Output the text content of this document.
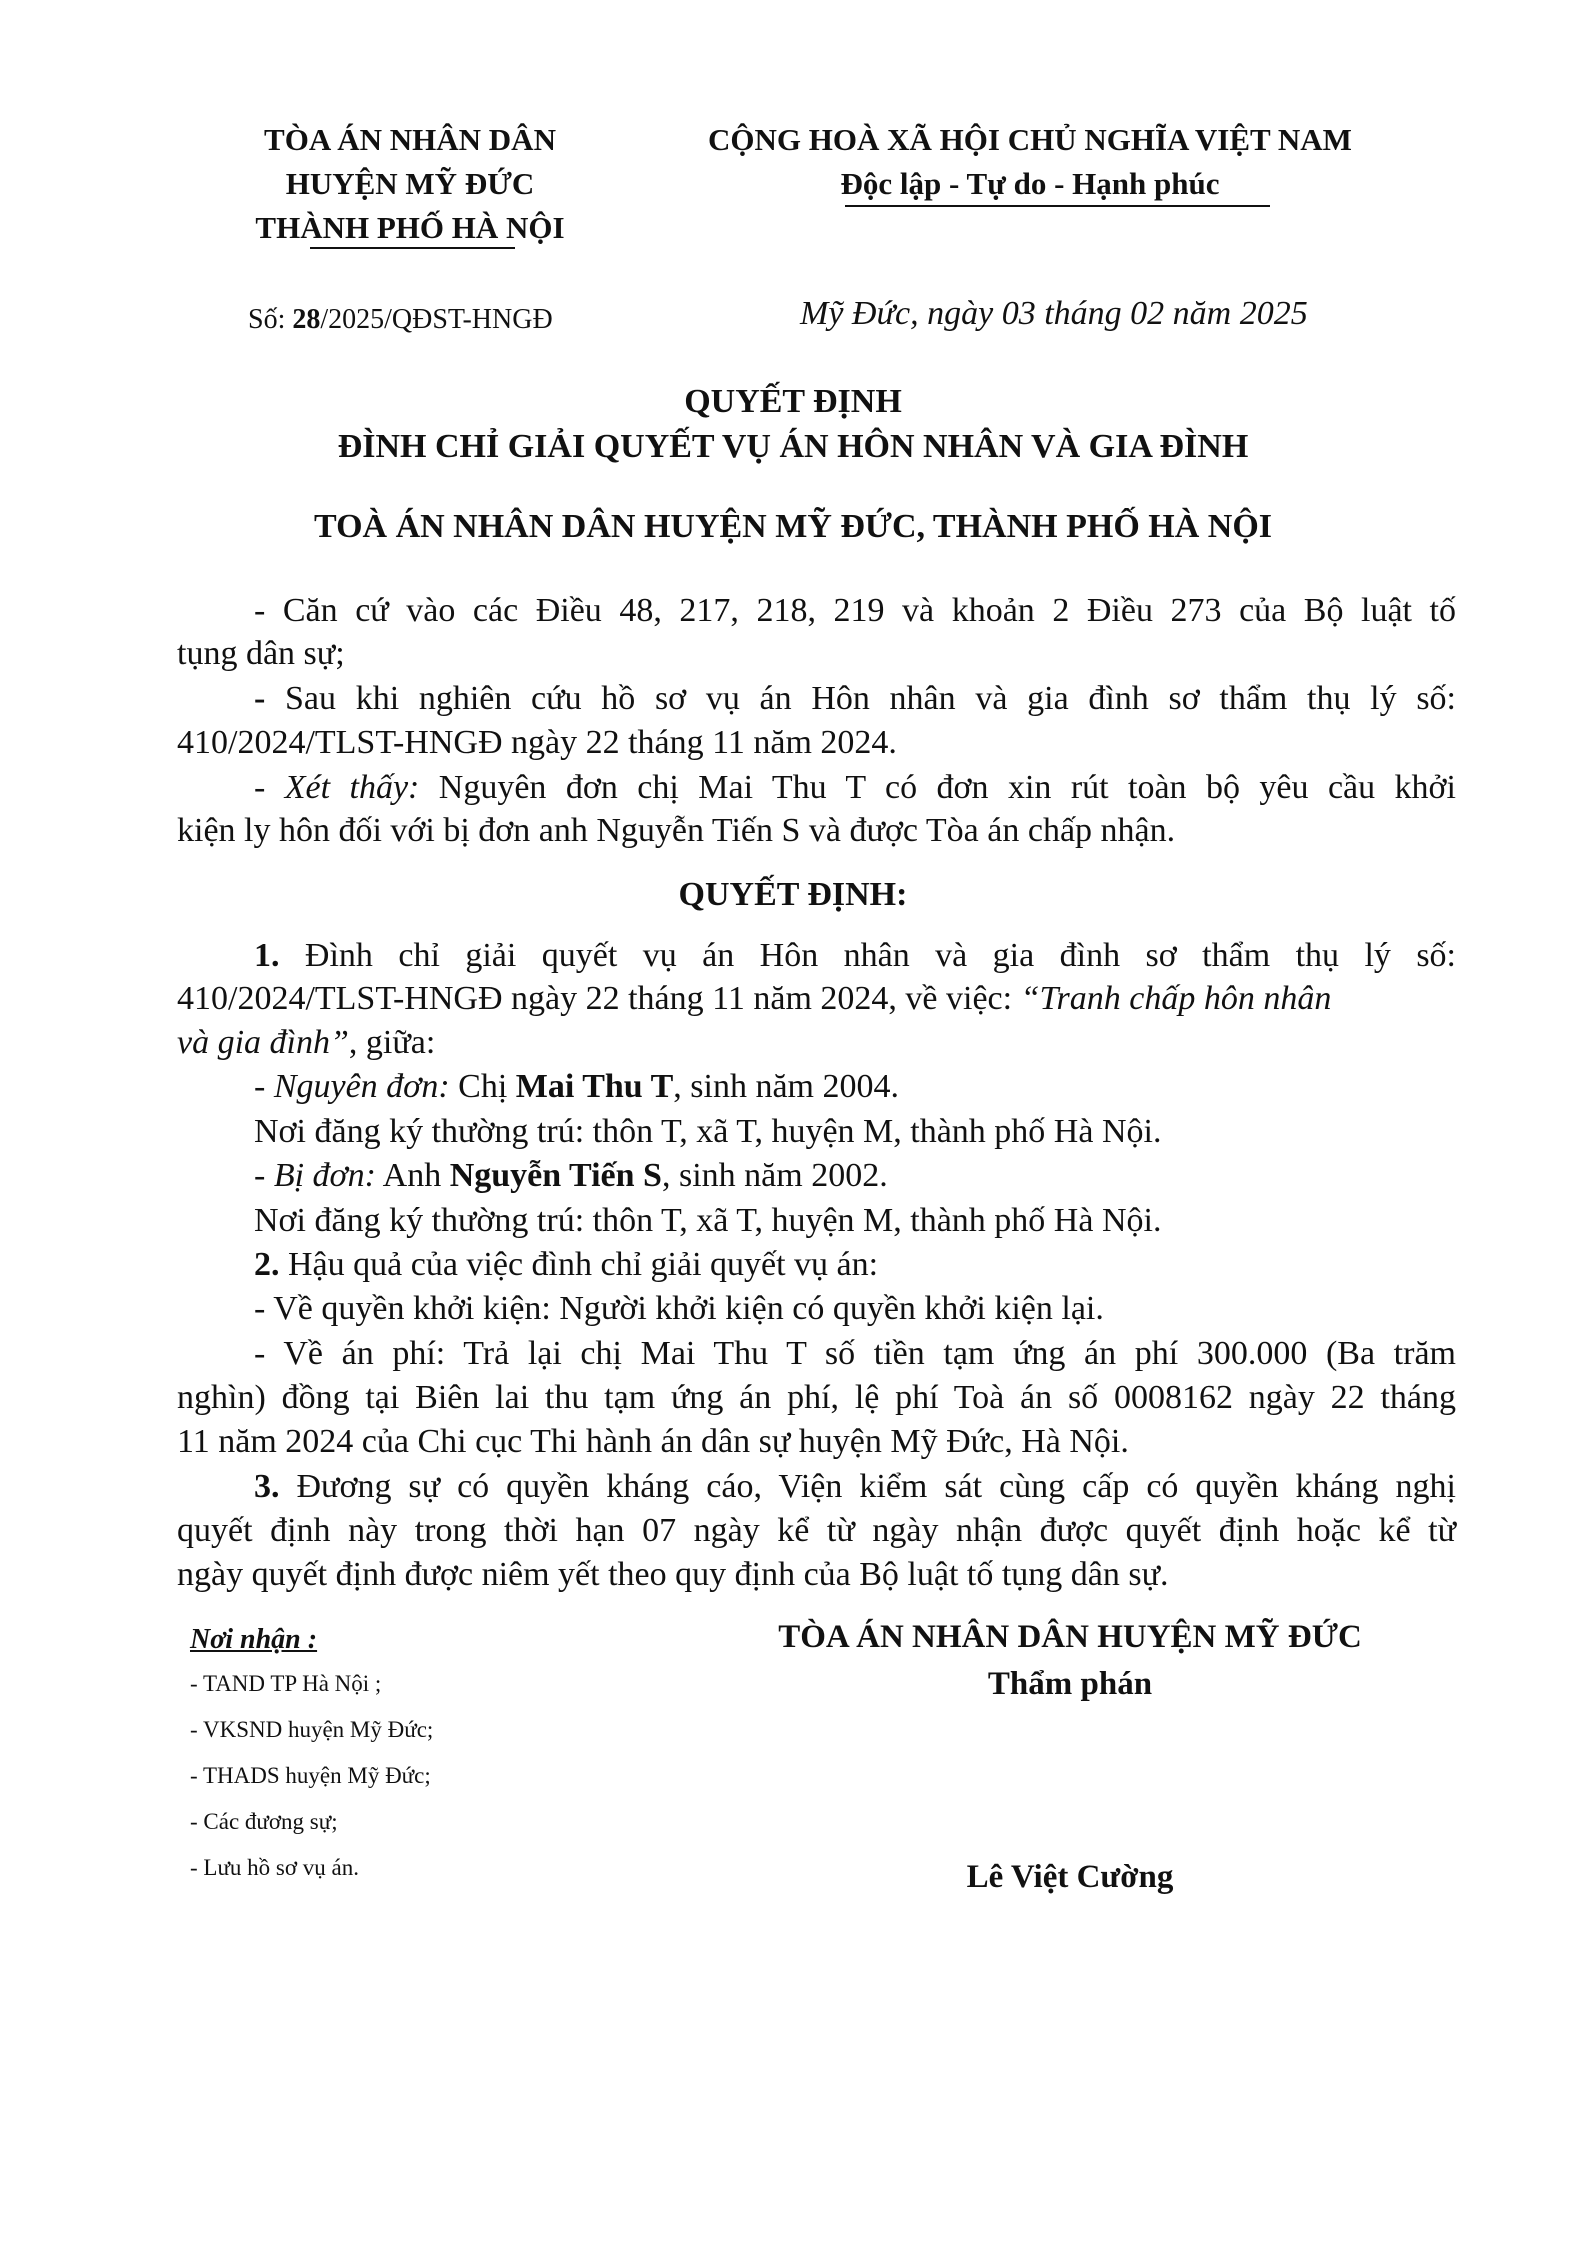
TÒA ÁN NHÂN DÂN
HUYỆN MỸ ĐỨC
THÀNH PHỐ HÀ NỘI
CỘNG HOÀ XÃ HỘI CHỦ NGHĨA VIỆT NAM
Độc lập - Tự do - Hạnh phúc
Số: 28/2025/QĐST-HNGĐ	Mỹ Đức, ngày 03 tháng 02 năm 2025
QUYẾT ĐỊNH
ĐÌNH CHỈ GIẢI QUYẾT VỤ ÁN HÔN NHÂN VÀ GIA ĐÌNH
TOÀ ÁN NHÂN DÂN HUYỆN MỸ ĐỨC, THÀNH PHỐ HÀ NỘI
- Căn cứ vào các Điều 48, 217, 218, 219 và khoản 2 Điều 273 của Bộ luật tố
tụng dân sự;
- Sau khi nghiên cứu hồ sơ vụ án Hôn nhân và gia đình sơ thẩm thụ lý số:
410/2024/TLST-HNGĐ ngày 22 tháng 11 năm 2024.
- Xét thấy: Nguyên đơn chị Mai Thu T có đơn xin rút toàn bộ yêu cầu khởi
kiện ly hôn đối với bị đơn anh Nguyễn Tiến S và được Tòa án chấp nhận.
QUYẾT ĐỊNH:
1. Đình chỉ giải quyết vụ án Hôn nhân và gia đình sơ thẩm thụ lý số:
410/2024/TLST-HNGĐ ngày 22 tháng 11 năm 2024, về việc: “Tranh chấp hôn nhân
và gia đình”, giữa:
- Nguyên đơn: Chị Mai Thu T, sinh năm 2004.
Nơi đăng ký thường trú: thôn T, xã T, huyện M, thành phố Hà Nội.
- Bị đơn: Anh Nguyễn Tiến S, sinh năm 2002.
Nơi đăng ký thường trú: thôn T, xã T, huyện M, thành phố Hà Nội.
2. Hậu quả của việc đình chỉ giải quyết vụ án:
- Về quyền khởi kiện: Người khởi kiện có quyền khởi kiện lại.
- Về án phí: Trả lại chị Mai Thu T số tiền tạm ứng án phí 300.000 (Ba trăm
nghìn) đồng tại Biên lai thu tạm ứng án phí, lệ phí Toà án số 0008162 ngày 22 tháng
11 năm 2024 của Chi cục Thi hành án dân sự huyện Mỹ Đức, Hà Nội.
3. Đương sự có quyền kháng cáo, Viện kiểm sát cùng cấp có quyền kháng nghị
quyết định này trong thời hạn 07 ngày kể từ ngày nhận được quyết định hoặc kể từ
ngày quyết định được niêm yết theo quy định của Bộ luật tố tụng dân sự.
Nơi nhận :
- TAND TP Hà Nội ;
- VKSND huyện Mỹ Đức;
- THADS huyện Mỹ Đức;
- Các đương sự;
- Lưu hồ sơ vụ án.
TÒA ÁN NHÂN DÂN HUYỆN MỸ ĐỨC
Thẩm phán
Lê Việt Cường
